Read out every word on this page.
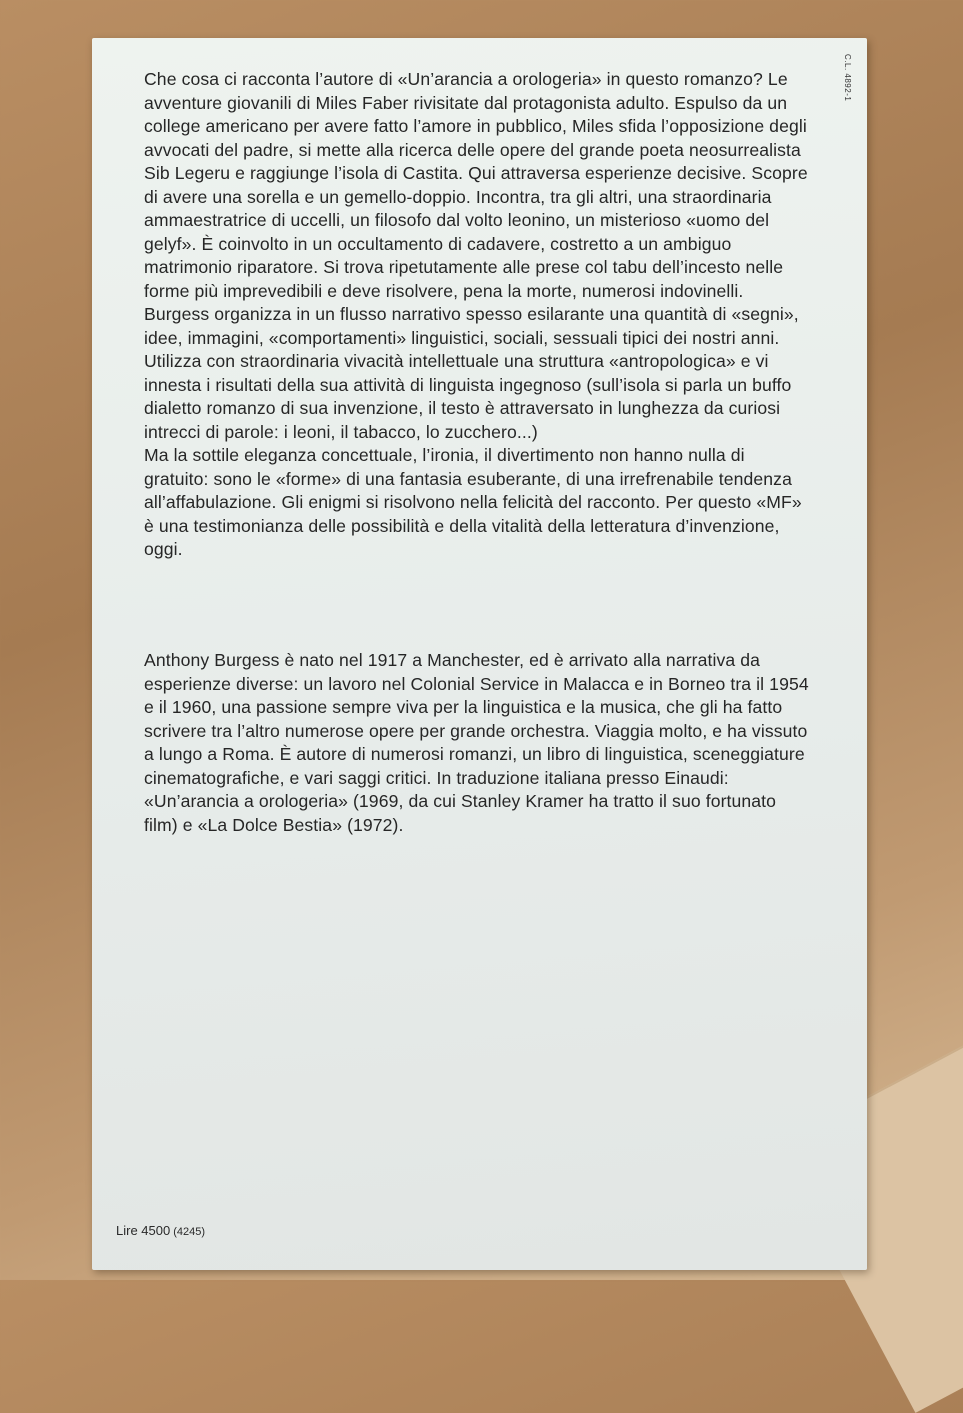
C.L. 4892-1

Che cosa ci racconta l’autore di «Un’arancia a orologeria» in questo romanzo? Le avventure giovanili di Miles Faber rivisitate dal protagonista adulto. Espulso da un college americano per avere fatto l’amore in pubblico, Miles sfida l’opposizione degli avvocati del padre, si mette alla ricerca delle opere del grande poeta neosurrealista Sib Legeru e raggiunge l’isola di Castita. Qui attraversa esperienze decisive. Scopre di avere una sorella e un gemello-doppio. Incontra, tra gli altri, una straordinaria ammaestratrice di uccelli, un filosofo dal volto leonino, un misterioso «uomo del gelyf». È coinvolto in un occultamento di cadavere, costretto a un ambiguo matrimonio riparatore. Si trova ripetutamente alle prese col tabu dell’incesto nelle forme più imprevedibili e deve risolvere, pena la morte, numerosi indovinelli.

Burgess organizza in un flusso narrativo spesso esilarante una quantità di «segni», idee, immagini, «comportamenti» linguistici, sociali, sessuali tipici dei nostri anni. Utilizza con straordinaria vivacità intellettuale una struttura «antropologica» e vi innesta i risultati della sua attività di linguista ingegnoso (sull’isola si parla un buffo dialetto romanzo di sua invenzione, il testo è attraversato in lunghezza da curiosi intrecci di parole: i leoni, il tabacco, lo zucchero...)

Ma la sottile eleganza concettuale, l’ironia, il divertimento non hanno nulla di gratuito: sono le «forme» di una fantasia esuberante, di una irrefrenabile tendenza all’affabulazione. Gli enigmi si risolvono nella felicità del racconto. Per questo «MF» è una testimonianza delle possibilità e della vitalità della letteratura d’invenzione, oggi.

Anthony Burgess è nato nel 1917 a Manchester, ed è arrivato alla narrativa da esperienze diverse: un lavoro nel Colonial Service in Malacca e in Borneo tra il 1954 e il 1960, una passione sempre viva per la linguistica e la musica, che gli ha fatto scrivere tra l’altro numerose opere per grande orchestra. Viaggia molto, e ha vissuto a lungo a Roma. È autore di numerosi romanzi, un libro di linguistica, sceneggiature cinematografiche, e vari saggi critici. In traduzione italiana presso Einaudi: «Un’arancia a orologeria» (1969, da cui Stanley Kramer ha tratto il suo fortunato film) e «La Dolce Bestia» (1972).
Lire 4500 (4245)
